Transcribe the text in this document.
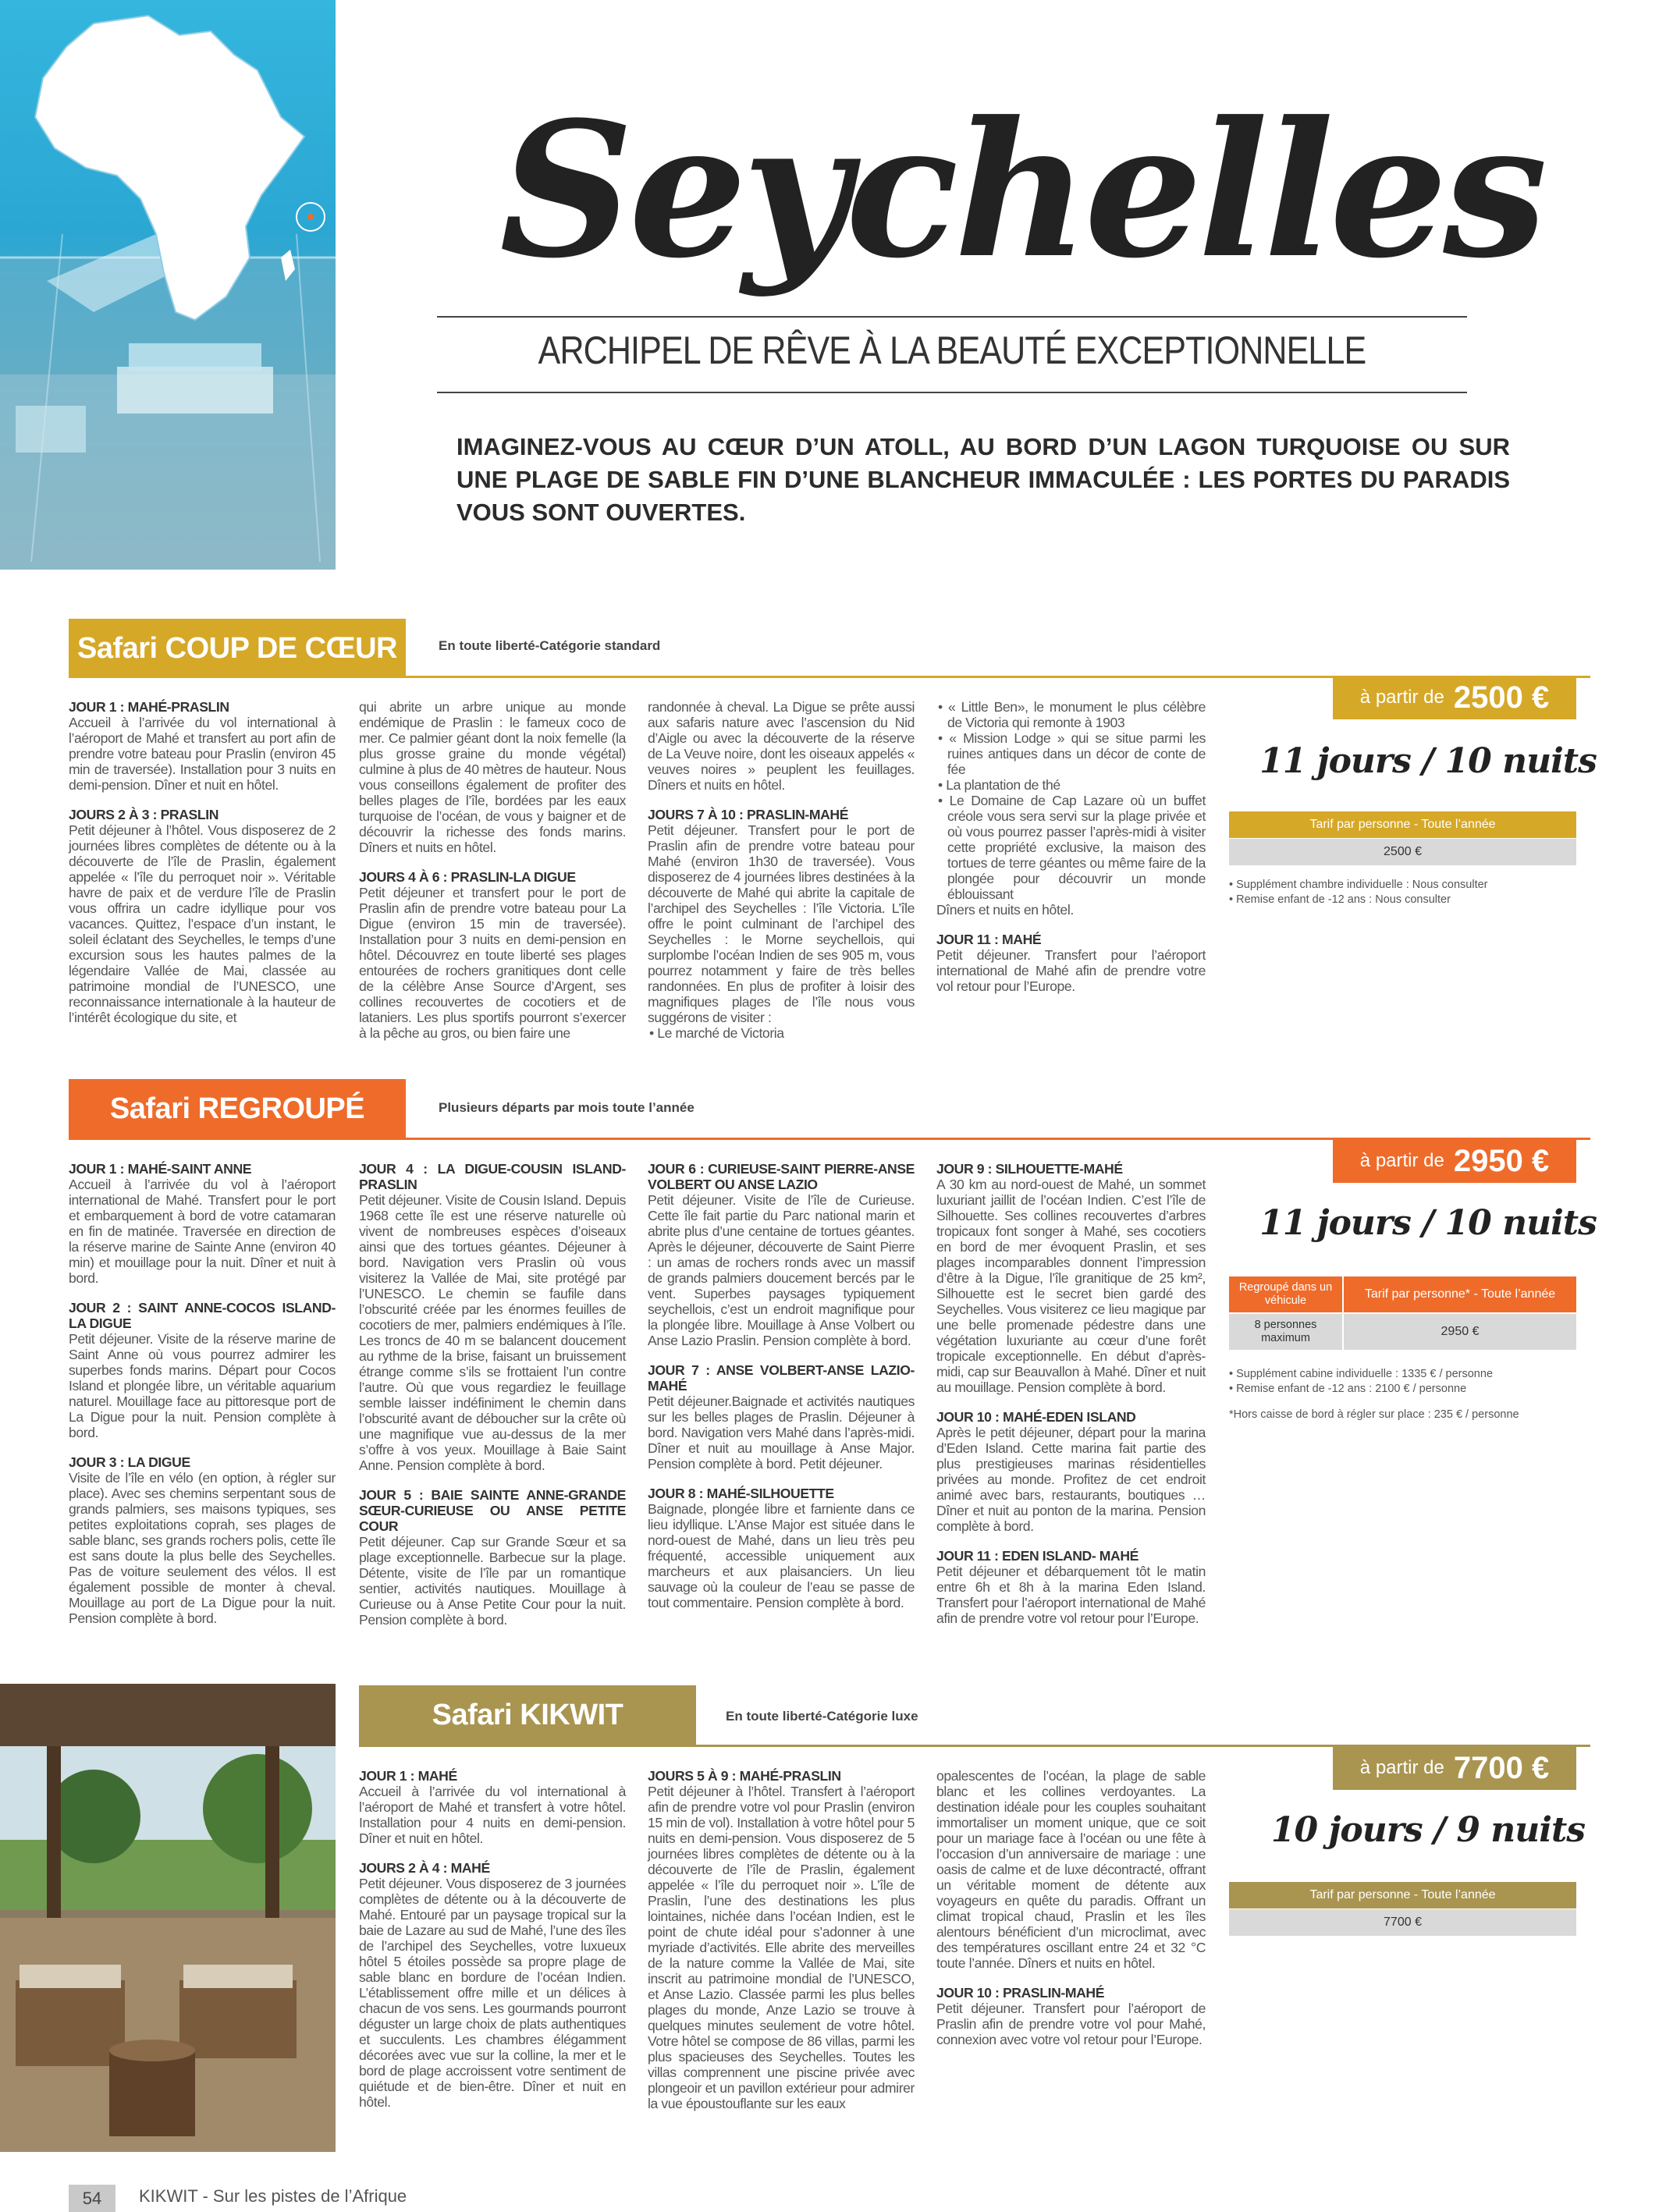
Seychelles
ARCHIPEL DE RÊVE À LA BEAUTÉ EXCEPTIONNELLE
IMAGINEZ-VOUS AU CŒUR D’UN ATOLL, AU BORD D’UN LAGON TURQUOISE OU SUR UNE PLAGE DE SABLE FIN D’UNE BLANCHEUR IMMACULÉE : LES PORTES DU PARADIS VOUS SONT OUVERTES.
Safari COUP DE CŒUR	En toute liberté-Catégorie standard
JOUR 1 : MAHÉ-PRASLIN

Accueil à l’arrivée du vol international à l’aéroport de Mahé et transfert au port afin de prendre votre bateau pour Praslin (environ 45 min de traversée). Installation pour 3 nuits en demi-pension. Dîner et nuit en hôtel.

JOURS 2 À 3 : PRASLIN

Petit déjeuner à l’hôtel. Vous disposerez de 2 journées libres complètes de détente ou à la découverte de l’île de Praslin, également appelée « l’île du perroquet noir ». Véritable havre de paix et de verdure l’île de Praslin vous offrira un cadre idyllique pour vos vacances. Quittez, l’espace d’un instant, le soleil éclatant des Seychelles, le temps d’une excursion sous les hautes palmes de la légendaire Vallée de Mai, classée au patrimoine mondial de l’UNESCO, une reconnaissance internationale à la hauteur de l’intérêt écologique du site, et

qui abrite un arbre unique au monde endémique de Praslin : le fameux coco de mer. Ce palmier géant dont la noix femelle (la plus grosse graine du monde végétal) culmine à plus de 40 mètres de hauteur. Nous vous conseillons également de profiter des belles plages de l’île, bordées par les eaux turquoise de l’océan, de vous y baigner et de découvrir la richesse des fonds marins. Dîners et nuits en hôtel.

JOURS 4 À 6 : PRASLIN-LA DIGUE

Petit déjeuner et transfert pour le port de Praslin afin de prendre votre bateau pour La Digue (environ 15 min de traversée). Installation pour 3 nuits en demi-pension en hôtel. Découvrez en toute liberté ses plages entourées de rochers granitiques dont celle de la célèbre Anse Source d’Argent, ses collines recouvertes de cocotiers et de lataniers. Les plus sportifs pourront s’exercer à la pêche au gros, ou bien faire une

randonnée à cheval. La Digue se prête aussi aux safaris nature avec l’ascension du Nid d’Aigle ou avec la découverte de la réserve de La Veuve noire, dont les oiseaux appelés « veuves noires » peuplent les feuillages. Dîners et nuits en hôtel.

JOURS 7 À 10 : PRASLIN-MAHÉ

Petit déjeuner. Transfert pour le port de Praslin afin de prendre votre bateau pour Mahé (environ 1h30 de traversée). Vous disposerez de 4 journées libres destinées à la découverte de Mahé qui abrite la capitale de l’archipel des Seychelles : l’île Victoria. L’île offre le point culminant de l’archipel des Seychelles : le Morne seychellois, qui surplombe l’océan Indien de ses 905 m, vous pourrez notamment y faire de très belles randonnées. En plus de profiter à loisir des magnifiques plages de l’île nous vous suggérons de visiter :

• Le marché de Victoria
• « Little Ben», le monument le plus célèbre de Victoria qui remonte à 1903
• « Mission Lodge » qui se situe parmi les ruines antiques dans un décor de conte de fée
• La plantation de thé
• Le Domaine de Cap Lazare où un buffet créole vous sera servi sur la plage privée et où vous pourrez passer l’après-midi à visiter cette propriété exclusive, la maison des tortues de terre géantes ou même faire de la plongée pour découvrir un monde éblouissant

Dîners et nuits en hôtel.

JOUR 11 : MAHÉ

Petit déjeuner. Transfert pour l’aéroport international de Mahé afin de prendre votre vol retour pour l’Europe.

à partir de 2500 €
11 jours / 10 nuits
Tarif par personne - Toute l’année
2500 €
• Supplément chambre individuelle : Nous consulter
• Remise enfant de -12 ans : Nous consulter
Safari REGROUPÉ	Plusieurs départs par mois toute l’année
JOUR 1 : MAHÉ-SAINT ANNE

Accueil à l’arrivée du vol à l’aéroport international de Mahé. Transfert pour le port et embarquement à bord de votre catamaran en fin de matinée. Traversée en direction de la réserve marine de Sainte Anne (environ 40 min) et mouillage pour la nuit. Dîner et nuit à bord.

JOUR 2 : SAINT ANNE-COCOS ISLAND-LA DIGUE

Petit déjeuner. Visite de la réserve marine de Saint Anne où vous pourrez admirer les superbes fonds marins. Départ pour Cocos Island et plongée libre, un véritable aquarium naturel. Mouillage face au pittoresque port de La Digue pour la nuit. Pension complète à bord.

JOUR 3 : LA DIGUE

Visite de l’île en vélo (en option, à régler sur place). Avec ses chemins serpentant sous de grands palmiers, ses maisons typiques, ses petites exploitations coprah, ses plages de sable blanc, ses grands rochers polis, cette île est sans doute la plus belle des Seychelles. Pas de voiture seulement des vélos. Il est également possible de monter à cheval. Mouillage au port de La Digue pour la nuit. Pension complète à bord.

JOUR 4 : LA DIGUE-COUSIN ISLAND-PRASLIN

Petit déjeuner. Visite de Cousin Island. Depuis 1968 cette île est une réserve naturelle où vivent de nombreuses espèces d’oiseaux ainsi que des tortues géantes. Déjeuner à bord. Navigation vers Praslin où vous visiterez la Vallée de Mai, site protégé par l’UNESCO. Le chemin se faufile dans l’obscurité créée par les énormes feuilles de cocotiers de mer, palmiers endémiques à l’île. Les troncs de 40 m se balancent doucement au rythme de la brise, faisant un bruissement étrange comme s’ils se frottaient l’un contre l’autre. Où que vous regardiez le feuillage semble laisser indéfiniment le chemin dans l’obscurité avant de déboucher sur la crête où une magnifique vue au-dessus de la mer s’offre à vos yeux. Mouillage à Baie Saint Anne. Pension complète à bord.

JOUR 5 : BAIE SAINTE ANNE-GRANDE SŒUR-CURIEUSE OU ANSE PETITE COUR

Petit déjeuner. Cap sur Grande Sœur et sa plage exceptionnelle. Barbecue sur la plage. Détente, visite de l’île par un romantique sentier, activités nautiques. Mouillage à Curieuse ou à Anse Petite Cour pour la nuit. Pension complète à bord.

JOUR 6 : CURIEUSE-SAINT PIERRE-ANSE VOLBERT OU ANSE LAZIO

Petit déjeuner. Visite de l’île de Curieuse. Cette île fait partie du Parc national marin et abrite plus d’une centaine de tortues géantes. Après le déjeuner, découverte de Saint Pierre : un amas de rochers ronds avec un massif de grands palmiers doucement bercés par le vent. Superbes paysages typiquement seychellois, c’est un endroit magnifique pour la plongée libre. Mouillage à Anse Volbert ou Anse Lazio Praslin. Pension complète à bord.

JOUR 7 : ANSE VOLBERT-ANSE LAZIO-MAHÉ

Petit déjeuner.Baignade et activités nautiques sur les belles plages de Praslin. Déjeuner à bord. Navigation vers Mahé dans l’après-midi. Dîner et nuit au mouillage à Anse Major. Pension complète à bord. Petit déjeuner.

JOUR 8 : MAHÉ-SILHOUETTE

Baignade, plongée libre et farniente dans ce lieu idyllique. L’Anse Major est située dans le nord-ouest de Mahé, dans un lieu très peu fréquenté, accessible uniquement aux marcheurs et aux plaisanciers. Un lieu sauvage où la couleur de l’eau se passe de tout commentaire. Pension complète à bord.

JOUR 9 : SILHOUETTE-MAHÉ

A 30 km au nord-ouest de Mahé, un sommet luxuriant jaillit de l’océan Indien. C’est l’île de Silhouette. Ses collines recouvertes d’arbres tropicaux font songer à Mahé, ses cocotiers en bord de mer évoquent Praslin, et ses plages incomparables donnent l’impression d’être à la Digue, l’île granitique de 25 km², Silhouette est le secret bien gardé des Seychelles. Vous visiterez ce lieu magique par une belle promenade pédestre dans une végétation luxuriante au cœur d’une forêt tropicale exceptionnelle. En début d’après-midi, cap sur Beauvallon à Mahé. Dîner et nuit au mouillage. Pension complète à bord.

JOUR 10 : MAHÉ-EDEN ISLAND

Après le petit déjeuner, départ pour la marina d’Eden Island. Cette marina fait partie des plus prestigieuses marinas résidentielles privées au monde. Profitez de cet endroit animé avec bars, restaurants, boutiques … Dîner et nuit au ponton de la marina. Pension complète à bord.

JOUR 11 : EDEN ISLAND- MAHÉ

Petit déjeuner et débarquement tôt le matin entre 6h et 8h à la marina Eden Island. Transfert pour l’aéroport international de Mahé afin de prendre votre vol retour pour l’Europe.

à partir de 2950 €
11 jours / 10 nuits
Regroupé dans un véhicule	Tarif par personne* - Toute l’année
8 personnes maximum	2950 €
• Supplément cabine individuelle : 1335 € / personne
• Remise enfant de -12 ans : 2100 € / personne
*Hors caisse de bord à régler sur place : 235 € / personne
Safari KIKWIT	En toute liberté-Catégorie luxe
JOUR 1 : MAHÉ

Accueil à l’arrivée du vol international à l’aéroport de Mahé et transfert à votre hôtel. Installation pour 4 nuits en demi-pension. Dîner et nuit en hôtel.

JOURS 2 À 4 : MAHÉ

Petit déjeuner. Vous disposerez de 3 journées complètes de détente ou à la découverte de Mahé. Entouré par un paysage tropical sur la baie de Lazare au sud de Mahé, l’une des îles de l’archipel des Seychelles, votre luxueux hôtel 5 étoiles possède sa propre plage de sable blanc en bordure de l’océan Indien. L’établissement offre mille et un délices à chacun de vos sens. Les gourmands pourront déguster un large choix de plats authentiques et succulents. Les chambres élégamment décorées avec vue sur la colline, la mer et le bord de plage accroissent votre sentiment de quiétude et de bien-être. Dîner et nuit en hôtel.

JOURS 5 À 9 : MAHÉ-PRASLIN

Petit déjeuner à l’hôtel. Transfert à l’aéroport afin de prendre votre vol pour Praslin (environ 15 min de vol). Installation à votre hôtel pour 5 nuits en demi-pension. Vous disposerez de 5 journées libres complètes de détente ou à la découverte de l’île de Praslin, également appelée « l’île du perroquet noir ». L’île de Praslin, l’une des destinations les plus lointaines, nichée dans l’océan Indien, est le point de chute idéal pour s’adonner à une myriade d’activités. Elle abrite des merveilles de la nature comme la Vallée de Mai, site inscrit au patrimoine mondial de l’UNESCO, et Anse Lazio. Classée parmi les plus belles plages du monde, Anze Lazio se trouve à quelques minutes seulement de votre hôtel. Votre hôtel se compose de 86 villas, parmi les plus spacieuses des Seychelles. Toutes les villas comprennent une piscine privée avec plongeoir et un pavillon extérieur pour admirer la vue époustouflante sur les eaux

opalescentes de l’océan, la plage de sable blanc et les collines verdoyantes. La destination idéale pour les couples souhaitant immortaliser un moment unique, que ce soit pour un mariage face à l’océan ou une fête à l’occasion d’un anniversaire de mariage : une oasis de calme et de luxe décontracté, offrant un véritable moment de détente aux voyageurs en quête du paradis. Offrant un climat tropical chaud, Praslin et les îles alentours bénéficient d’un microclimat, avec des températures oscillant entre 24 et 32 °C toute l’année. Dîners et nuits en hôtel.

JOUR 10 : PRASLIN-MAHÉ

Petit déjeuner. Transfert pour l’aéroport de Praslin afin de prendre votre vol pour Mahé, connexion avec votre vol retour pour l’Europe.

à partir de 7700 €
10 jours / 9 nuits
Tarif par personne - Toute l’année
7700 €
54	KIKWIT - Sur les pistes de l’Afrique
